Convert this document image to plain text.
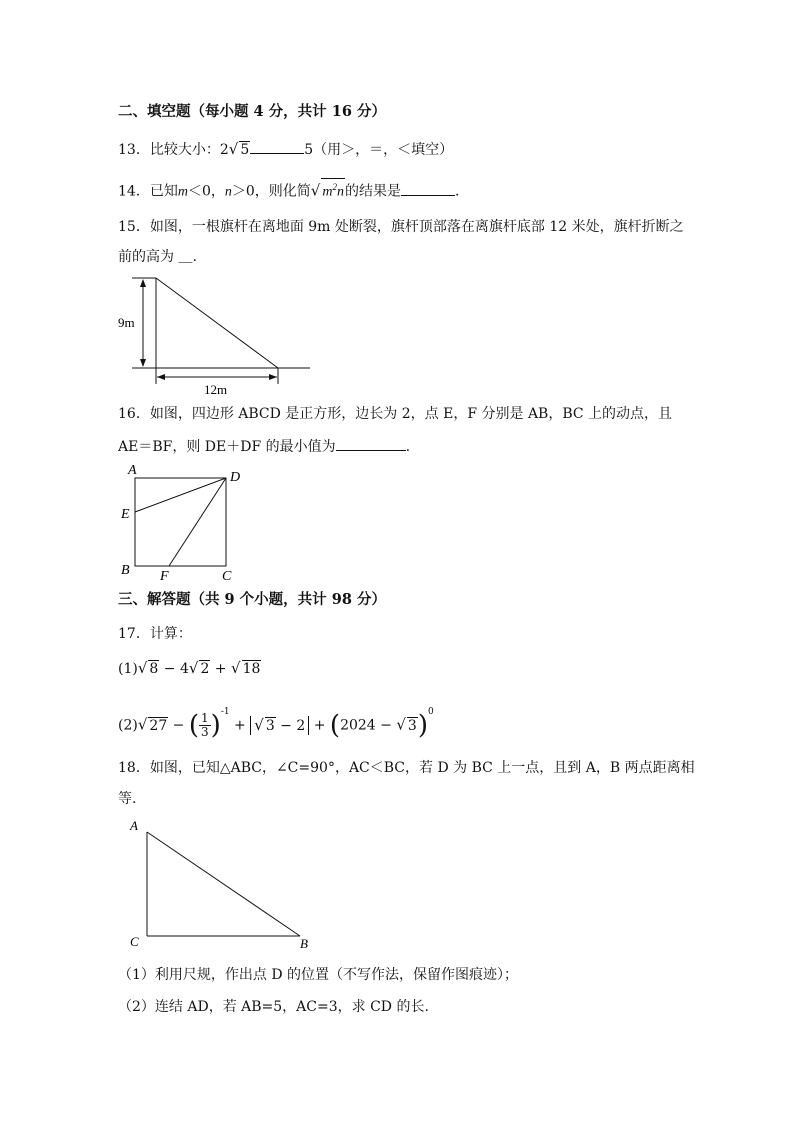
二、填空题（每小题 4 分，共计 16 分）
13．比较大小：2√ 5	5（用＞，＝，＜填空）
14．已知m＜0，n＞0，则化简√ $m^2n$的结果是	.
15．如图，一根旗杆在离地面 9m 处断裂，旗杆顶部落在离旗杆底部 12 米处，旗杆折断之
前的高为 ＿.
9m
12m
16．如图，四边形 ABCD 是正方形，边长为 2，点 E，F 分别是 AB，BC 上的动点，且
AE＝BF，则 DE＋DF 的最小值为	.
A	D
E
B F	C
三、解答题（共 9 个小题，共计 98 分）
17．计算：
(1)√ 8 − 4√ 2 + √ 18
(2)√ 27 − ( $\frac{1}{3} )^{-1}$ + √ 3 − 2 + (2024 − √ 3)$^0$
18．如图，已知△ABC，∠C=90°，AC＜BC，若 D 为 BC 上一点，且到 A，B 两点距离相
等.
A
C	B
（1）利用尺规，作出点 D 的位置（不写作法，保留作图痕迹）；
（2）连结 AD，若 AB=5，AC=3，求 CD 的长.
